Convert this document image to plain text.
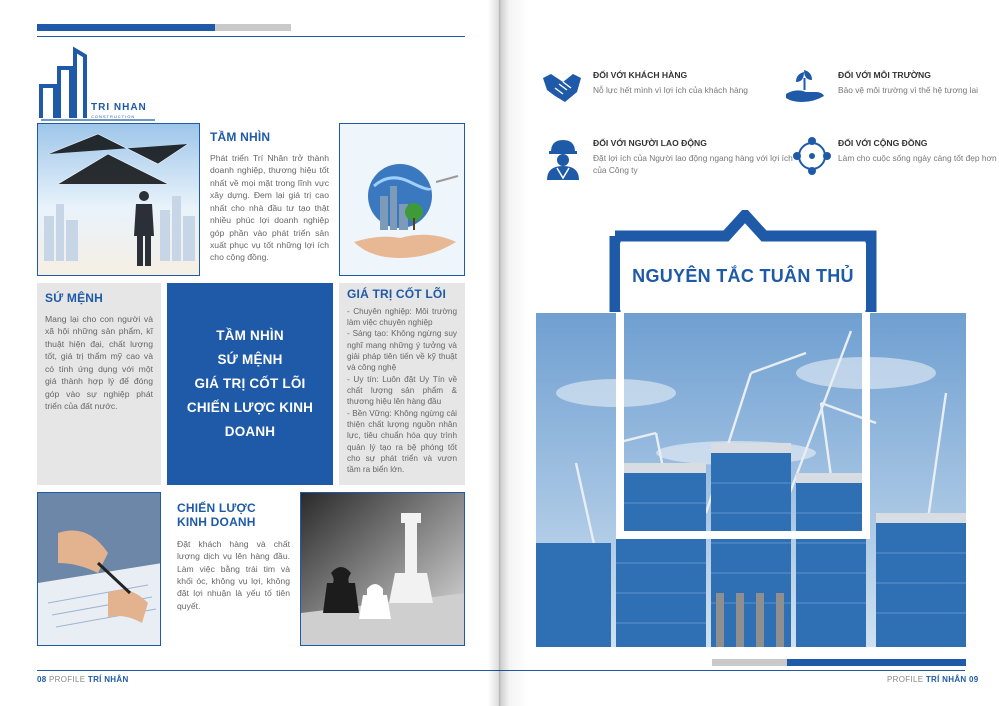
TRI NHAN
CONSTRUCTION
TẦM NHÌN
Phát triển Trí Nhân trở thành doanh nghiệp, thương hiệu tốt nhất về mọi mặt trong lĩnh vực xây dựng. Đem lại giá trị cao nhất cho nhà đầu tư tạo thật nhiều phúc lợi doanh nghiệp góp phần vào phát triển sản xuất phục vụ tốt những lợi ích cho cộng đồng.
SỨ MỆNH
Mang lại cho con người và xã hội những sản phẩm, kĩ thuật hiện đại, chất lượng tốt, giá trị thẩm mỹ cao và có tính ứng dụng với một giá thành hợp lý để đóng góp vào sự nghiệp phát triển của đất nước.
TẦM NHÌN
SỨ MỆNH
GIÁ TRỊ CỐT LÕI
CHIẾN LƯỢC KINH DOANH
GIÁ TRỊ CỐT LÕI
- Chuyên nghiệp: Môi trường làm việc chuyên nghiệp
- Sáng tạo: Không ngừng suy nghĩ mang những ý tưởng và giải pháp tiên tiến về kỹ thuật và công nghệ
- Uy tín: Luôn đặt Uy Tín về chất lượng sản phẩm & thương hiệu lên hàng đầu
- Bền Vững: Không ngừng cải thiện chất lượng nguồn nhân lực, tiêu chuẩn hóa quy trình quản lý tạo ra bệ phóng tốt cho sự phát triển và vươn tầm ra biển lớn.
CHIẾN LƯỢC
KINH DOANH
Đặt khách hàng và chất lượng dịch vụ lên hàng đầu. Làm việc bằng trái tim và khối óc, không vụ lợi, không đặt lợi nhuận là yếu tố tiên quyết.
08 PROFILE TRÍ NHÂN
ĐỐI VỚI KHÁCH HÀNG
Nỗ lực hết mình vì lợi ích của khách hàng
ĐỐI VỚI MÔI TRƯỜNG
Bảo vệ môi trường vì thế hệ tương lai
ĐỐI VỚI NGƯỜI LAO ĐỘNG
Đặt lợi ích của Người lao động ngang hàng với lợi ích của Công ty
ĐỐI VỚI CỘNG ĐỒNG
Làm cho cuộc sống ngày càng tốt đẹp hơn
NGUYÊN TẮC TUÂN THỦ
PROFILE TRÍ NHÂN 09
